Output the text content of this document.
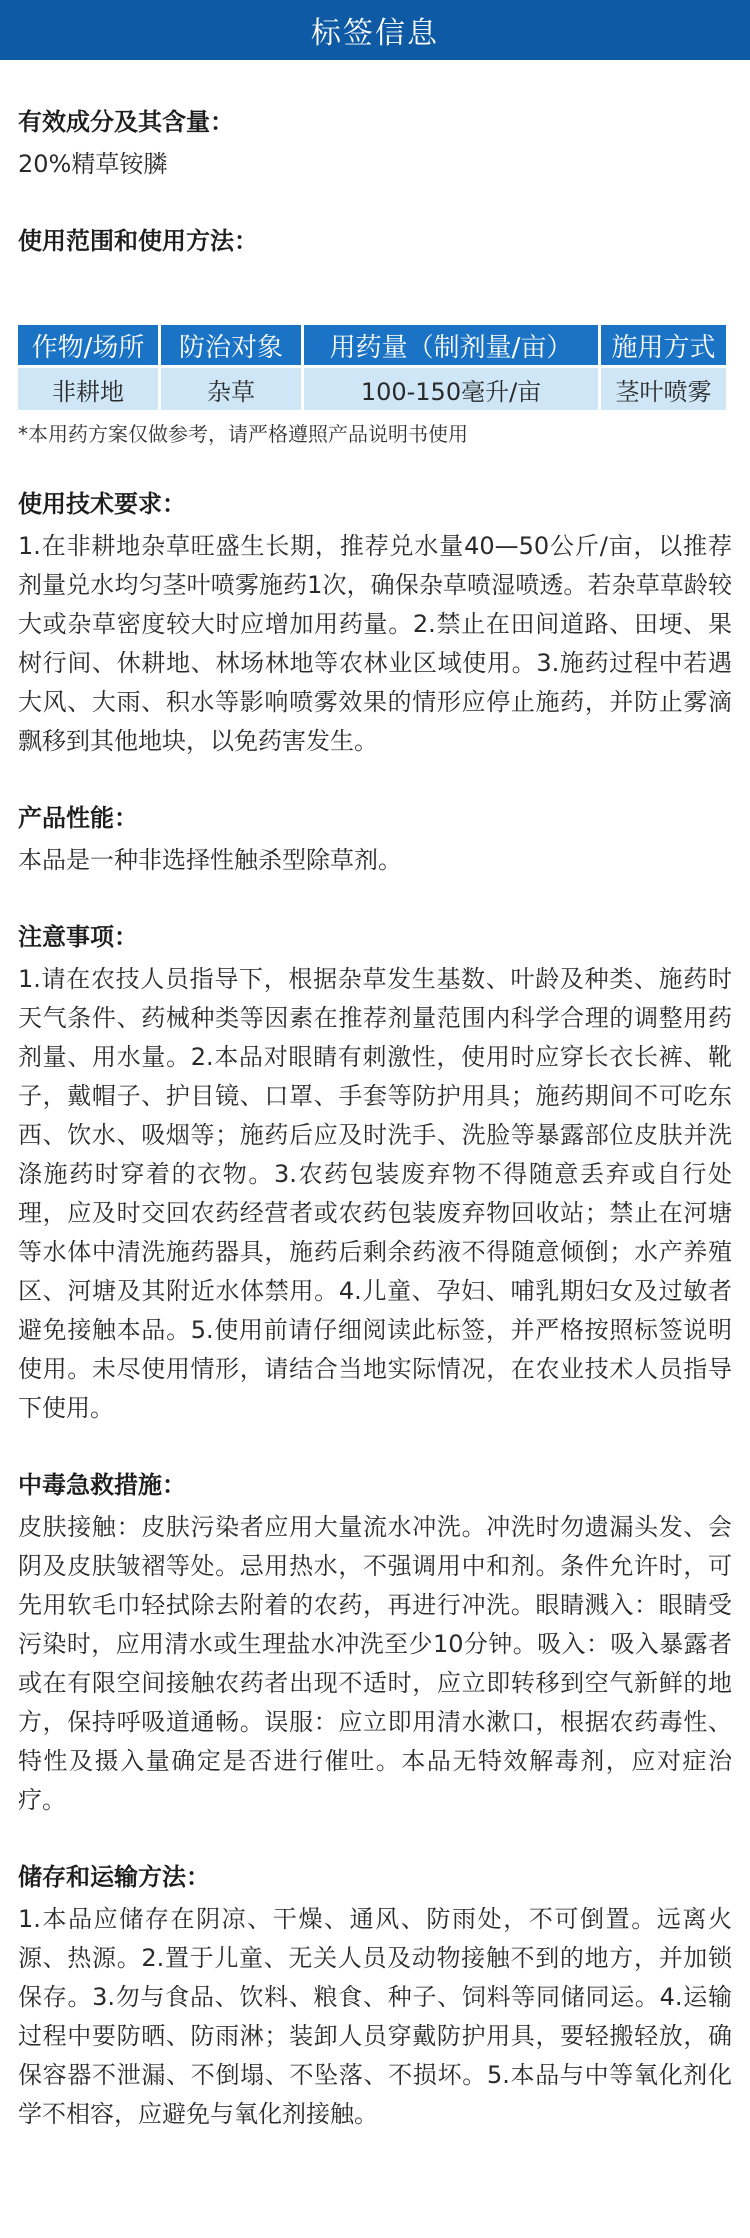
标签信息
有效成分及其含量：
20%精草铵膦
使用范围和使用方法：
作物/场所	防治对象	用药量（制剂量/亩）	施用方式
非耕地	杂草	100-150毫升/亩	茎叶喷雾
*本用药方案仅做参考，请严格遵照产品说明书使用
使用技术要求：
1.在非耕地杂草旺盛生长期，推荐兑水量40—50公斤/亩，以推荐剂量兑水均匀茎叶喷雾施药1次，确保杂草喷湿喷透。若杂草草龄较大或杂草密度较大时应增加用药量。2.禁止在田间道路、田埂、果树行间、休耕地、林场林地等农林业区域使用。3.施药过程中若遇大风、大雨、积水等影响喷雾效果的情形应停止施药，并防止雾滴飘移到其他地块，以免药害发生。
产品性能：
本品是一种非选择性触杀型除草剂。
注意事项：
1.请在农技人员指导下，根据杂草发生基数、叶龄及种类、施药时天气条件、药械种类等因素在推荐剂量范围内科学合理的调整用药剂量、用水量。2.本品对眼睛有刺激性，使用时应穿长衣长裤、靴子，戴帽子、护目镜、口罩、手套等防护用具；施药期间不可吃东西、饮水、吸烟等；施药后应及时洗手、洗脸等暴露部位皮肤并洗涤施药时穿着的衣物。3.农药包装废弃物不得随意丢弃或自行处理，应及时交回农药经营者或农药包装废弃物回收站；禁止在河塘等水体中清洗施药器具，施药后剩余药液不得随意倾倒；水产养殖区、河塘及其附近水体禁用。4.儿童、孕妇、哺乳期妇女及过敏者避免接触本品。5.使用前请仔细阅读此标签，并严格按照标签说明使用。未尽使用情形，请结合当地实际情况，在农业技术人员指导下使用。
中毒急救措施：
皮肤接触：皮肤污染者应用大量流水冲洗。冲洗时勿遗漏头发、会阴及皮肤皱褶等处。忌用热水，不强调用中和剂。条件允许时，可先用软毛巾轻拭除去附着的农药，再进行冲洗。眼睛溅入：眼睛受污染时，应用清水或生理盐水冲洗至少10分钟。吸入：吸入暴露者或在有限空间接触农药者出现不适时，应立即转移到空气新鲜的地方，保持呼吸道通畅。误服：应立即用清水漱口，根据农药毒性、特性及摄入量确定是否进行催吐。本品无特效解毒剂，应对症治疗。
储存和运输方法：
1.本品应储存在阴凉、干燥、通风、防雨处，不可倒置。远离火源、热源。2.置于儿童、无关人员及动物接触不到的地方，并加锁保存。3.勿与食品、饮料、粮食、种子、饲料等同储同运。4.运输过程中要防晒、防雨淋；装卸人员穿戴防护用具，要轻搬轻放，确保容器不泄漏、不倒塌、不坠落、不损坏。5.本品与中等氧化剂化学不相容，应避免与氧化剂接触。
